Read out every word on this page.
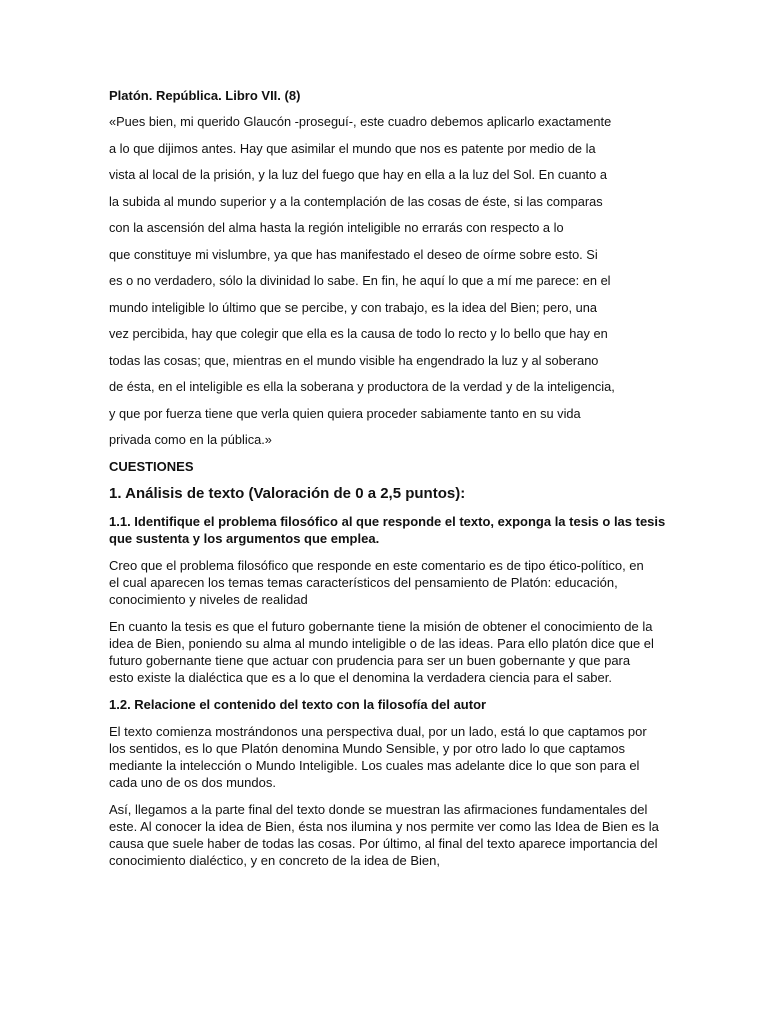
Platón. República. Libro VII. (8)
«Pues bien, mi querido Glaucón -proseguí-, este cuadro debemos aplicarlo exactamente
a lo que dijimos antes. Hay que asimilar el mundo que nos es patente por medio de la
vista al local de la prisión, y la luz del fuego que hay en ella a la luz del Sol. En cuanto a
la subida al mundo superior y a la contemplación de las cosas de éste, si las comparas
con la ascensión del alma hasta la región inteligible no errarás con respecto a lo
que constituye mi vislumbre, ya que has manifestado el deseo de oírme sobre esto. Si
es o no verdadero, sólo la divinidad lo sabe. En fin, he aquí lo que a mí me parece: en el
mundo inteligible lo último que se percibe, y con trabajo, es la idea del Bien; pero, una
vez percibida, hay que colegir que ella es la causa de todo lo recto y lo bello que hay en
todas las cosas; que, mientras en el mundo visible ha engendrado la luz y al soberano
de ésta, en el inteligible es ella la soberana y productora de la verdad y de la inteligencia,
y que por fuerza tiene que verla quien quiera proceder sabiamente tanto en su vida
privada como en la pública.»
CUESTIONES
1. Análisis de texto (Valoración de 0 a 2,5 puntos):
1.1. Identifique el problema filosófico al que responde el texto, exponga la tesis o las tesis
que sustenta y los argumentos que emplea.
Creo que el problema filosófico que responde en este comentario es de tipo ético-político, en
el cual aparecen los temas temas característicos del pensamiento de Platón: educación,
conocimiento y niveles de realidad
En cuanto la tesis es que el futuro gobernante tiene la misión de obtener el conocimiento de la
idea de Bien, poniendo su alma al mundo inteligible o de las ideas. Para ello platón dice que el
futuro gobernante tiene que actuar con prudencia para ser un buen gobernante y que para
esto existe la dialéctica que es a lo que el denomina la verdadera ciencia para el saber.
1.2. Relacione el contenido del texto con la filosofía del autor
El texto comienza mostrándonos una perspectiva dual, por un lado, está lo que captamos por
los sentidos, es lo que Platón denomina Mundo Sensible, y por otro lado lo que captamos
mediante la intelección o Mundo Inteligible. Los cuales mas adelante dice lo que son para el
cada uno de os dos mundos.
Así, llegamos a la parte final del texto donde se muestran las afirmaciones fundamentales del
este. Al conocer la idea de Bien, ésta nos ilumina y nos permite ver como las Idea de Bien es la
causa que suele haber de todas las cosas. Por último, al final del texto aparece importancia del
conocimiento dialéctico, y en concreto de la idea de Bien,
